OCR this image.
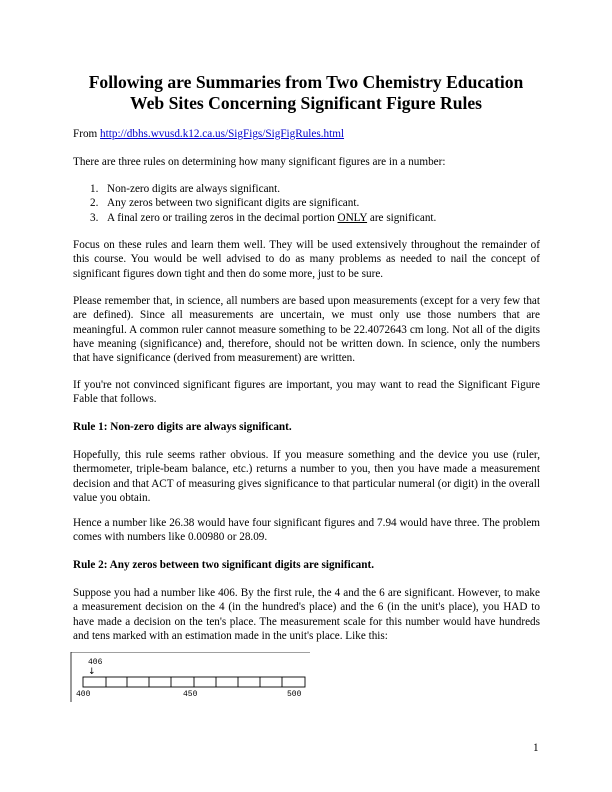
Following are Summaries from Two Chemistry Education
Web Sites Concerning Significant Figure Rules

From http://dbhs.wvusd.k12.ca.us/SigFigs/SigFigRules.html

There are three rules on determining how many significant figures are in a number:

1. Non-zero digits are always significant.
2. Any zeros between two significant digits are significant.
3. A final zero or trailing zeros in the decimal portion ONLY are significant.

Focus on these rules and learn them well. They will be used extensively throughout the remainder of this course. You would be well advised to do as many problems as needed to nail the concept of significant figures down tight and then do some more, just to be sure.

Please remember that, in science, all numbers are based upon measurements (except for a very few that are defined). Since all measurements are uncertain, we must only use those numbers that are meaningful. A common ruler cannot measure something to be 22.4072643 cm long. Not all of the digits have meaning (significance) and, therefore, should not be written down. In science, only the numbers that have significance (derived from measurement) are written.

If you're not convinced significant figures are important, you may want to read the Significant Figure Fable that follows.

Rule 1: Non-zero digits are always significant.

Hopefully, this rule seems rather obvious. If you measure something and the device you use (ruler, thermometer, triple-beam balance, etc.) returns a number to you, then you have made a measurement decision and that ACT of measuring gives significance to that particular numeral (or digit) in the overall value you obtain.

Hence a number like 26.38 would have four significant figures and 7.94 would have three. The problem comes with numbers like 0.00980 or 28.09.

Rule 2: Any zeros between two significant digits are significant.

Suppose you had a number like 406. By the first rule, the 4 and the 6 are significant. However, to make a measurement decision on the 4 (in the hundred's place) and the 6 (in the unit's place), you HAD to have made a decision on the ten's place. The measurement scale for this number would have hundreds and tens marked with an estimation made in the unit's place. Like this:

406
↓
400	450	500
1
